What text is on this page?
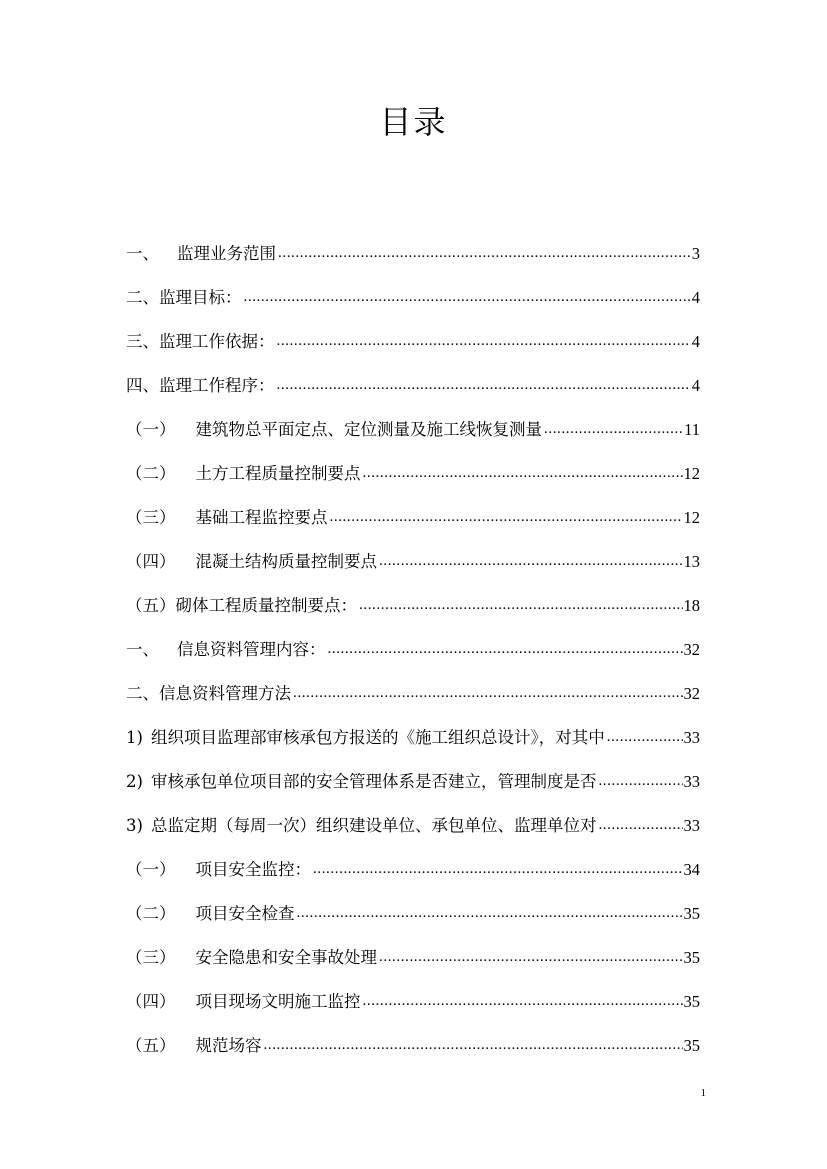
目录
一、 监理业务范围 .....	3
二、监理目标： .....	4
三、监理工作依据： .....	4
四、监理工作程序： .....	4
（一） 建筑物总平面定点、定位测量及施工线恢复测量 .....	11
（二） 土方工程质量控制要点 .....	12
（三） 基础工程监控要点 .....	12
（四） 混凝土结构质量控制要点 .....	13
（五）砌体工程质量控制要点： .....	18
一、 信息资料管理内容： .....	32
二、信息资料管理方法 .....	32
1) 组织项目监理部审核承包方报送的《施工组织总设计》，对其中 .....	33
2) 审核承包单位项目部的安全管理体系是否建立，管理制度是否 .....	33
3) 总监定期（每周一次）组织建设单位、承包单位、监理单位对 .....	33
（一） 项目安全监控： .....	34
（二） 项目安全检查 .....	35
（三） 安全隐患和安全事故处理 .....	35
（四） 项目现场文明施工监控 .....	35
（五） 规范场容 .....	35
1
